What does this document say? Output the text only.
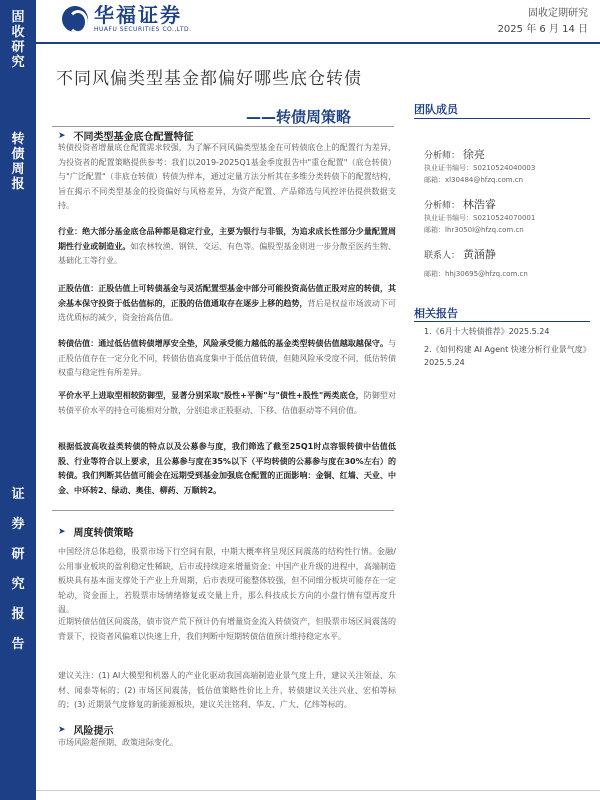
固
收
研
究
转
债
周
报
证
券
研
究
报
告
华福证券
HUAFU SECURITIES CO.,LTD.
固收定期研究
2025 年 6 月 14 日
不同风偏类型基金都偏好哪些底仓转债
——转债周策略
➤ 不同类型基金底仓配置特征
转债投资者增量底仓配置需求较强，为了解不同风偏类型基金在可转债底仓上的配置行为差异，为投资者的配置策略提供参考：我们以2019-2025Q1基金季度报告中"重仓配置"（底仓转债）与"广泛配置"（非底仓转债）转债为样本，通过定量方法分析其在多维分类转债下的配置结构，旨在揭示不同类型基金的投资偏好与风格差异，为资产配置、产品筛选与风控评估提供数据支持。
行业：绝大部分基金底仓品种都是稳定行业，主要为银行与非银，为追求成长性部分少量配置周期性行业或制造业。如农林牧渔、钢铁、交运、有色等。偏股型基金则进一步分散至医药生物、基础化工等行业。
正股估值：正股估值上可转债基金与灵活配置型基金中部分可能投资高估值正股对应的转债，其余基本保守投资于低估值标的，正股的估值通取存在逐步上移的趋势，背后是权益市场波动下可选优质标的减少，资金抬高估值。
转债估值：通过低估值转债增厚安全垫，风险承受能力越低的基金类型转债估值越取越保守。与正股估值存在一定分化不同，转债估值高度集中于低估值转债，但随风险承受度不同，低估转债权重与稳定性有所差异。
平价水平上进取型相较防御型，显著分别采取"股性+平衡"与"债性+股性"两类底仓，防御型对转债平价水平的持仓可能相对分散，分别追求正股驱动、下移、估值驱动等不同价值。
根据低波高收益类转债的特点以及公募参与度，我们筛选了截至25Q1时点容银转债中估值低股、行业等符合以上要求，且公募参与度在35%以下（平均转债的公募参与度在30%左右）的转债。我们判断其估值可能会在远期受到基金加强底仓配置的正面影响：金铜、红墙、天业、中金、中环转2、绿动、奥佳、柳药、万顺转2。
➤ 周度转债策略
中国经济总体趋稳，股票市场下行空间有限，中期大概率将呈现区间震荡的结构性行情。金融/公用事业板块的盈利稳定性稀缺，后市或持续迎来增量资金；中国产业升级的进程中，高端制造板块具有基本面支撑处于产业上升周期，后市表现可能整体较强，但不同细分板块可能存在一定轮动，资金面上，若股票市场情绪修复或交量上升，那么科技成长方向的小盘行情有望再度升温。
近期转债估值区间震荡，债市资产荒下预计仍有增量资金流入转债资产，但股票市场区间震荡的背景下，投资者风偏难以快速上升，我们判断中短期转债估值预计维持稳定水平。
建议关注：(1) AI大模型和机器人的产业化驱动我国高端制造业景气度上升，建议关注领益、东材、闻泰等标的；(2) 市场区间震荡，低估值策略性价比上升，转债建议关注兴业、宏柏等标的；(3) 近期景气度修复的新能源板块，建议关注铭利、华友、广大、亿纬等标的。
➤ 风险提示
市场风险超预期、政策进际变化。
团队成员
分析师： 徐亮
执业证书编号：S0210524040003
邮箱：xl30484@hfzq.com.cn
分析师： 林浩睿
执业证书编号：S0210524070001
邮箱：lhr3050l@hfzq.com.cn
联系人： 黄涵静
邮箱：hhj30695@hfzq.com.cn
相关报告
1.《6月十大转债推荐》2025.5.24
2.《如何构建 AI Agent 快速分析行业景气度》2025.5.24
